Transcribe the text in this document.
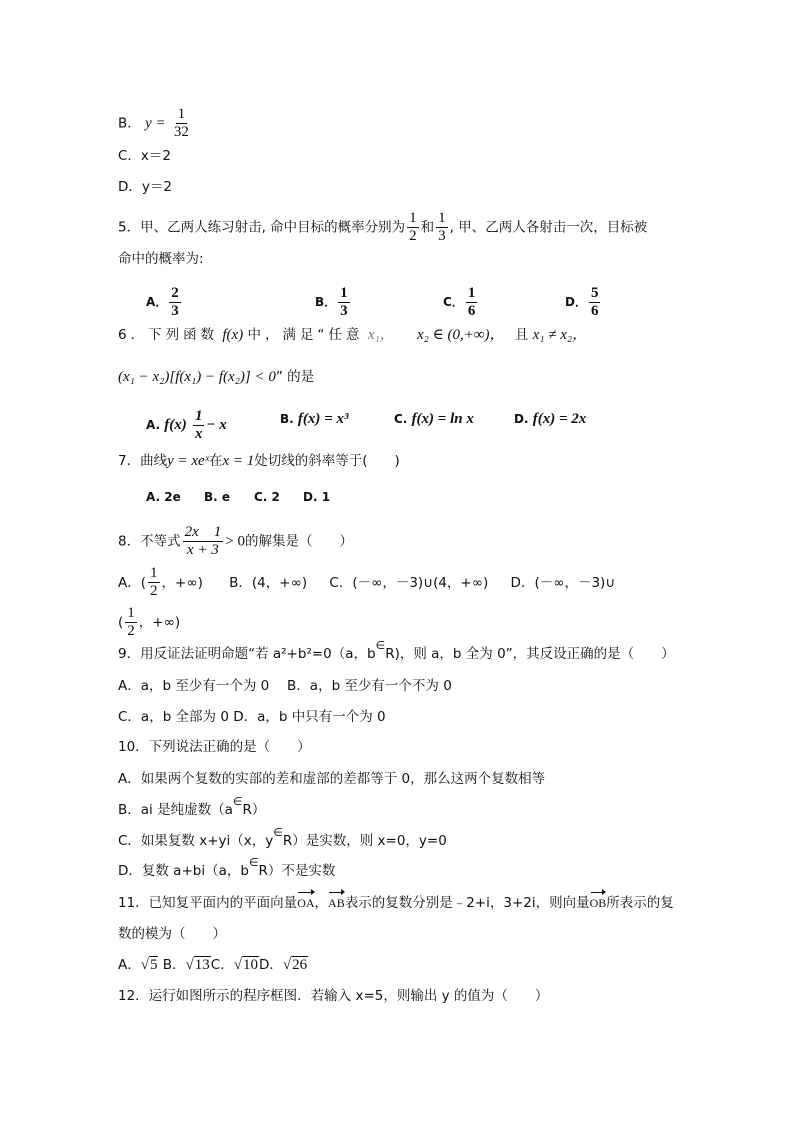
B． $y = \frac{1}{32}$
C．x＝2
D．y＝2
5．甲、乙两人练习射击, 命中目标的概率分别为 $\frac{1}{2}$ 和 $\frac{1}{3}$ , 甲、乙两人各射击一次，目标被
命中的概率为:
A． $\frac{2}{3}$	B． $\frac{1}{3}$	C． $\frac{1}{6}$	D． $\frac{5}{6}$
6．下列函数 f(x) 中，满足“任意 x₁， x₂ ∈ (0,+∞)， 且 x₁ ≠ x₂，
(x₁ − x₂)[f(x₁) − f(x₂)] < 0” 的是
A. $f(x) \frac{1}{x} - x$	B. f(x) = x³	C. f(x) = ln x	D. f(x) = 2x
7．曲线y = xeˣ在x = 1处切线的斜率等于(　　)
A. 2e B. e C. 2 D. 1
8．不等式 $\frac{2x 1}{x + 3} > 0$的解集是（　　）
A．( $\frac{1}{2}$ ，+∞) B．(4，+∞) C．(－∞，－3)∪(4，+∞) D．(－∞，－3)∪
( $\frac{1}{2}$ ，+∞)
9．用反证法证明命题“若 a²+b²=0（a，b∈R)，则 a，b 全为 0”，其反设正确的是（　　）
A．a，b 至少有一个为 0　 B．a，b 至少有一个不为 0
C．a，b 全部为 0 D．a，b 中只有一个为 0
10．下列说法正确的是（　　）
A．如果两个复数的实部的差和虚部的差都等于 0，那么这两个复数相等
B．ai 是纯虚数（a∈R）
C．如果复数 x+yi（x，y∈R）是实数，则 x=0，y=0
D．复数 a+bi（a，b∈R）不是实数
11．已知复平面内的平面向量OA，AB表示的复数分别是﹣2+i，3+2i，则向量OB所表示的复
数的模为（　　）
A．√5 B．√13C．√10D．√26
12．运行如图所示的程序框图．若输入 x=5，则输出 y 的值为（　　）
